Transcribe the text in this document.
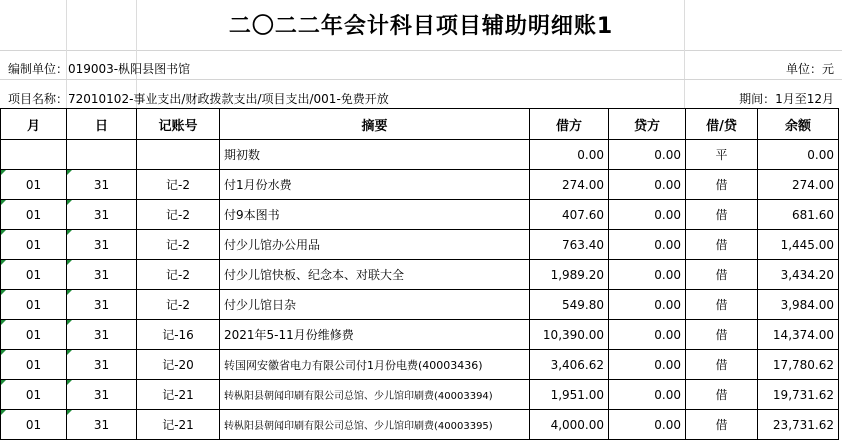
二〇二二年会计科目项目辅助明细账1
编制单位：019003-枞阳县图书馆	单位：元
项目名称：72010102-事业支出/财政拨款支出/项目支出/001-免费开放	期间：1月至12月
月	日	记账号	摘要	借方	贷方	借/贷	余额
			期初数	0.00	0.00	平	0.00

01	31	记-2	付1月份水费	274.00	0.00	借	274.00

01	31	记-2	付9本图书	407.60	0.00	借	681.60

01	31	记-2	付少儿馆办公用品	763.40	0.00	借	1,445.00

01	31	记-2	付少儿馆快板、纪念本、对联大全	1,989.20	0.00	借	3,434.20

01	31	记-2	付少儿馆日杂	549.80	0.00	借	3,984.00

01	31	记-16	2021年5-11月份维修费	10,390.00	0.00	借	14,374.00

01	31	记-20	转国网安徽省电力有限公司付1月份电费(40003436)	3,406.62	0.00	借	17,780.62

01	31	记-21	转枞阳县朝闻印刷有限公司总馆、少儿馆印刷费(40003394)	1,951.00	0.00	借	19,731.62

01	31	记-21	转枞阳县朝闻印刷有限公司总馆、少儿馆印刷费(40003395)	4,000.00	0.00	借	23,731.62
